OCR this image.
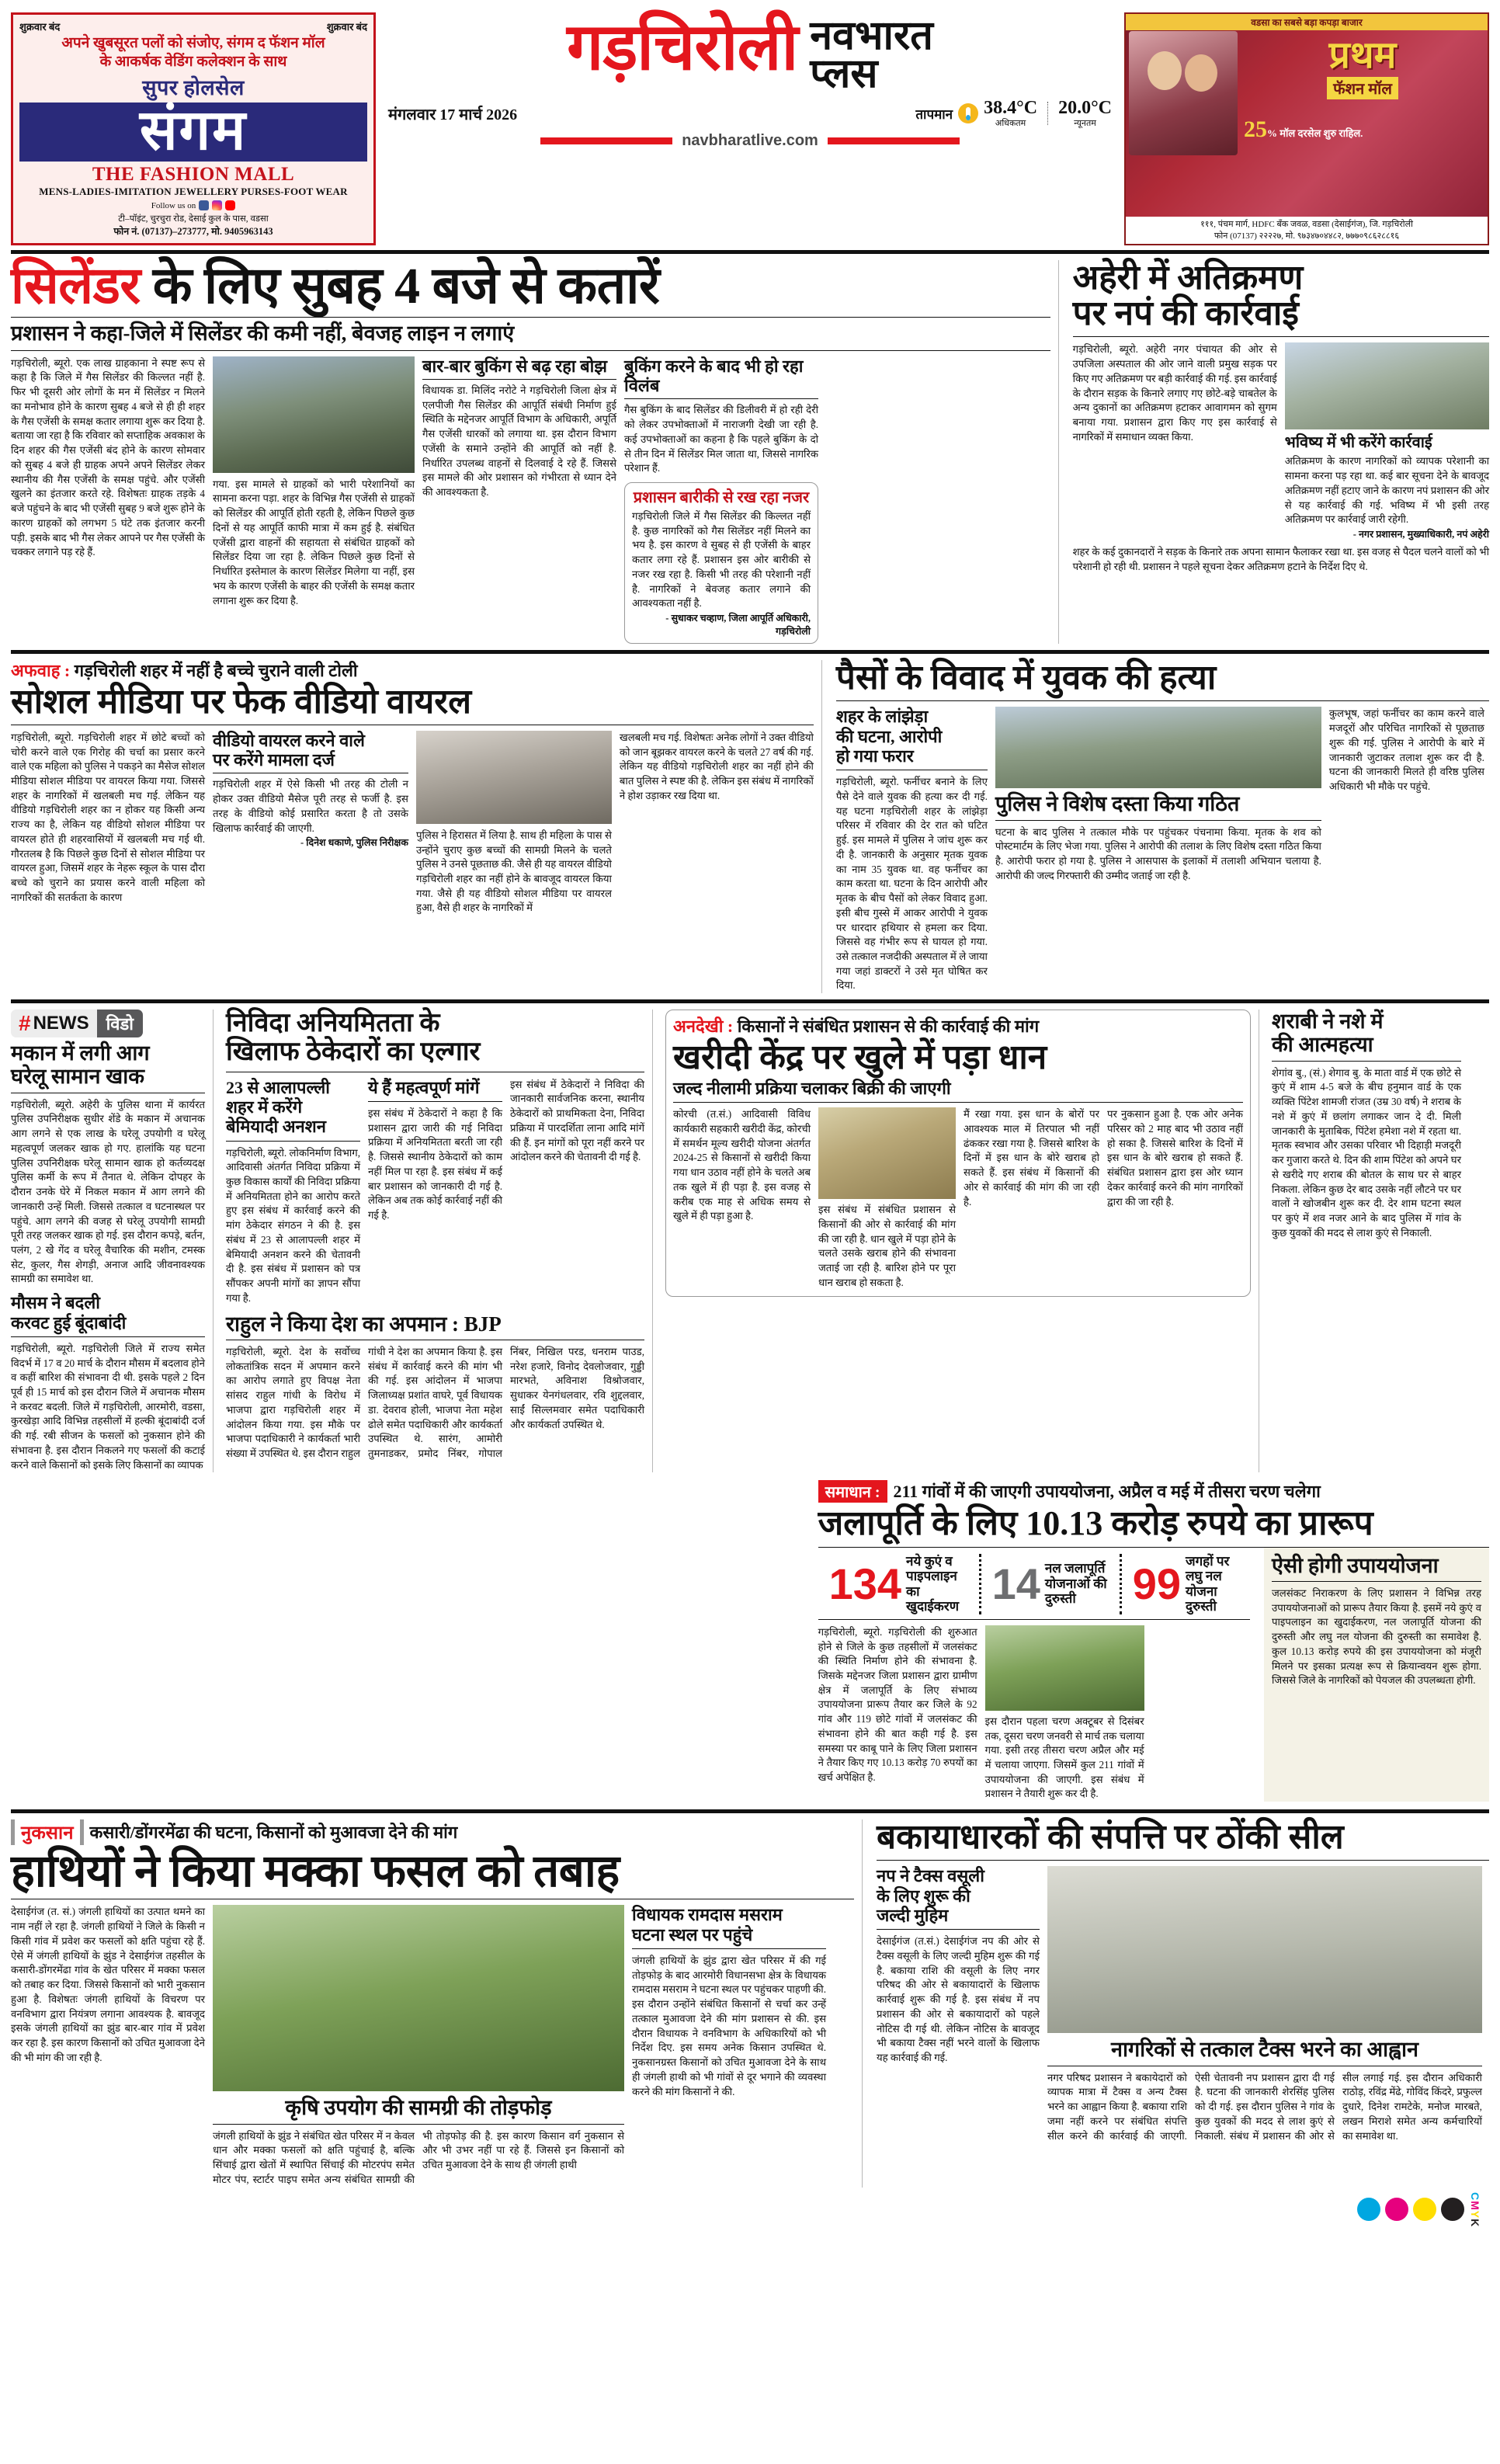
शुक्रवार बंद	शुक्रवार बंद
अपने खुबसूरत पलों को संजोए, संगम द फॅशन मॉल
के आकर्षक वेडिंग कलेक्शन के साथ
सुपर होलसेल
संगम
THE FASHION MALL
MENS-LADIES-IMITATION JEWELLERY PURSES-FOOT WEAR
Follow us on
टी–पॉइंट, चुरचुरा रोड, देसाई कुल के पास, वडसा
फोन नं. (07137)–273777, मो. 9405963143
गड़चिरोली नवभारत
प्लस
मंगलवार 17 मार्च 2026	तापमान 38.4°C
अधिकतम
20.0°C
न्यूनतम
navbharatlive.com
वडसा का सबसे बड़ा कपड़ा बाजार
प्रथम
फॅशन मॉल
25% मॉल दरसेल शुरु राहिल.
१११, पंचम मार्ग, HDFC बँक जवळ, वडसा (देसाईगंज), जि. गड़चिरोली
फोन (07137) २२२२७, मो. ९७३४७०४४८२, ७७७०९८६२८८१६
सिलेंडर के लिए सुबह 4 बजे से कतारें
प्रशासन ने कहा-जिले में सिलेंडर की कमी नहीं, बेवजह लाइन न लगाएं
गड़चिरोली, ब्यूरो. एक लाख ग्राहकाना ने स्पष्ट रूप से कहा है कि जिले में गैस सिलेंडर की किल्लत नहीं है. फिर भी दूसरी ओर लोगों के मन में सिलेंडर न मिलने का मनोभाव होने के कारण सुबह 4 बजे से ही ही शहर के गैस एजेंसी के समक्ष कतार लगाया शुरू कर दिया है. बताया जा रहा है कि रविवार को सप्ताहिक अवकाश के दिन शहर की गैस एजेंसी बंद होने के कारण सोमवार को सुबह 4 बजे ही ग्राहक अपने अपने सिलेंडर लेकर स्थानीय की गैस एजेंसी के समक्ष पहुंचे. और एजेंसी खुलने का इंतजार करते रहे. विशेषतः ग्राहक तड़के 4 बजे पहुंचने के बाद भी एजेंसी सुबह 9 बजे शुरू होने के कारण ग्राहकों को लगभग 5 घंटे तक इंतजार करनी पड़ी. इसके बाद भी गैस लेकर आपने पर गैस एजेंसी के चक्कर लगाने पड़ रहे हैं.
गया. इस मामले से ग्राहकों को भारी परेशानियों का सामना करना पड़ा. शहर के विभिन्न गैस एजेंसी से ग्राहकों को सिलेंडर की आपूर्ति होती रहती है, लेकिन पिछले कुछ दिनों से यह आपूर्ति काफी मात्रा में कम हुई है. संबंधित एजेंसी द्वारा वाहनों की सहायता से संबंधित ग्राहकों को सिलेंडर दिया जा रहा है. लेकिन पिछले कुछ दिनों से निर्धारित इस्तेमाल के कारण सिलेंडर मिलेगा या नहीं, इस भय के कारण एजेंसी के बाहर की एजेंसी के समक्ष कतार लगाना शुरू कर दिया है.
बार-बार बुकिंग से बढ़ रहा बोझ
विधायक डा. मिलिंद नरोटे ने गड़चिरोली जिला क्षेत्र में एलपीजी गैस सिलेंडर की आपूर्ति संबंधी निर्माण हुई स्थिति के मद्देनजर आपूर्ति विभाग के अधिकारी, अपूर्ति गैस एजेंसी धारकों को लगाया था. इस दौरान विभाग एजेंसी के समाने उन्होंने की आपूर्ति को नहीं है. निर्धारित उपलब्ध वाहनों से दिलवाई दे रहे हैं. जिससे इस मामले की ओर प्रशासन को गंभीरता से ध्यान देने की आवश्यकता है.
बुकिंग करने के बाद भी हो रहा विलंब
गैस बुकिंग के बाद सिलेंडर की डिलीवरी में हो रही देरी को लेकर उपभोक्ताओं में नाराजगी देखी जा रही है. कई उपभोक्ताओं का कहना है कि पहले बुकिंग के दो से तीन दिन में सिलेंडर मिल जाता था, जिससे नागरिक परेशान हैं.
प्रशासन बारीकी से रख रहा नजर
गड़चिरोली जिले में गैस सिलेंडर की किल्लत नहीं है. कुछ नागरिकों को गैस सिलेंडर नहीं मिलने का भय है. इस कारण वे सुबह से ही एजेंसी के बाहर कतार लगा रहे हैं. प्रशासन इस ओर बारीकी से नजर रख रहा है. किसी भी तरह की परेशानी नहीं है. नागरिकों ने बेवजह कतार लगाने की आवश्यकता नहीं है.
- सुधाकर चव्हाण, जिला आपूर्ति अधिकारी, गड़चिरोली
अहेरी में अतिक्रमण
पर नपं की कार्रवाई
गड़चिरोली, ब्यूरो. अहेरी नगर पंचायत की ओर से उपजिला अस्पताल की ओर जाने वाली प्रमुख सड़क पर किए गए अतिक्रमण पर बड़ी कार्रवाई की गई. इस कार्रवाई के दौरान सड़क के किनारे लगाए गए छोटे-बड़े चाबतेल के अन्य दुकानों का अतिक्रमण हटाकर आवागमन को सुगम बनाया गया. प्रशासन द्वारा किए गए इस कार्रवाई से नागरिकों में समाधान व्यक्त किया.	भविष्य में भी करेंगे कार्रवाई
अतिक्रमण के कारण नागरिकों को व्यापक परेशानी का सामना करना पड़ रहा था. कई बार सूचना देने के बावजूद अतिक्रमण नहीं हटाए जाने के कारण नपं प्रशासन की ओर से यह कार्रवाई की गई. भविष्य में भी इसी तरह अतिक्रमण पर कार्रवाई जारी रहेगी.
- नगर प्रशासन, मुख्याधिकारी, नपं अहेरी
शहर के कई दुकानदारों ने सड़क के किनारे तक अपना सामान फैलाकर रखा था. इस वजह से पैदल चलने वालों को भी परेशानी हो रही थी. प्रशासन ने पहले सूचना देकर अतिक्रमण हटाने के निर्देश दिए थे.
अफवाह : गड़चिरोली शहर में नहीं है बच्चे चुराने वाली टोली
सोशल मीडिया पर फेक वीडियो वायरल
गड़चिरोली, ब्यूरो. गड़चिरोली शहर में छोटे बच्चों को चोरी करने वाले एक गिरोह की चर्चा का प्रसार करने वाले एक महिला को पुलिस ने पकड़ने का मैसेज सोशल मीडिया सोशल मीडिया पर वायरल किया गया. जिससे शहर के नागरिकों में खलबली मच गई. लेकिन यह वीडियो गड़चिरोली शहर का न होकर यह किसी अन्य राज्य का है, लेकिन यह वीडियो सोशल मीडिया पर वायरल होते ही शहरवासियों में खलबली मच गई थी. गौरतलब है कि पिछले कुछ दिनों से सोशल मीडिया पर वायरल हुआ, जिसमें शहर के नेहरू स्कूल के पास दौरा बच्चे को चुराने का प्रयास करने वाली महिला को नागरिकों की सतर्कता के कारण
वीडियो वायरल करने वाले
पर करेंगे मामला दर्ज
गड़चिरोली शहर में ऐसे किसी भी तरह की टोली न होकर उक्त वीडियो मैसेज पूरी तरह से फर्जी है. इस तरह के वीडियो कोई प्रसारित करता है तो उसके खिलाफ कार्रवाई की जाएगी.
- दिनेश धकाणे, पुलिस निरीक्षक
पुलिस ने हिरासत में लिया है. साथ ही महिला के पास से उन्होंने चुराए कुछ बच्चों की सामग्री मिलने के चलते पुलिस ने उनसे पूछताछ की. जैसे ही यह वायरल वीडियो गड़चिरोली शहर का नहीं होने के बावजूद वायरल किया गया. जैसे ही यह वीडियो सोशल मीडिया पर वायरल हुआ, वैसे ही शहर के नागरिकों में
खलबली मच गई. विशेषतः अनेक लोगों ने उक्त वीडियो को जान बूझकर वायरल करने के चलते 27 वर्ष की गई. लेकिन यह वीडियो गड़चिरोली शहर का नहीं होने की बात पुलिस ने स्पष्ट की है. लेकिन इस संबंध में नागरिकों ने होश उड़ाकर रख दिया था.
पैसों के विवाद में युवक की हत्या
शहर के लांझेड़ा
की घटना, आरोपी
हो गया फरार
गड़चिरोली, ब्यूरो. फर्नीचर बनाने के लिए पैसे देने वाले युवक की हत्या कर दी गई. यह घटना गड़चिरोली शहर के लांझेड़ा परिसर में रविवार की देर रात को घटित हुई. इस मामले में पुलिस ने जांच शुरू कर दी है. जानकारी के अनुसार मृतक युवक का नाम 35 युवक था. वह फर्नीचर का काम करता था. घटना के दिन आरोपी और मृतक के बीच पैसों को लेकर विवाद हुआ. इसी बीच गुस्से में आकर आरोपी ने युवक पर धारदार हथियार से हमला कर दिया. जिससे वह गंभीर रूप से घायल हो गया. उसे तत्काल नजदीकी अस्पताल में ले जाया गया जहां डाक्टरों ने उसे मृत घोषित कर दिया.
पुलिस ने विशेष दस्ता किया गठित
घटना के बाद पुलिस ने तत्काल मौके पर पहुंचकर पंचनामा किया. मृतक के शव को पोस्टमार्टम के लिए भेजा गया. पुलिस ने आरोपी की तलाश के लिए विशेष दस्ता गठित किया है. आरोपी फरार हो गया है. पुलिस ने आसपास के इलाकों में तलाशी अभियान चलाया है. आरोपी की जल्द गिरफ्तारी की उम्मीद जताई जा रही है.
कुलभूष, जहां फर्नीचर का काम करने वाले मजदूरों और परिचित नागरिकों से पूछताछ शुरू की गई. पुलिस ने आरोपी के बारे में जानकारी जुटाकर तलाश शुरू कर दी है. घटना की जानकारी मिलते ही वरिष्ठ पुलिस अधिकारी भी मौके पर पहुंचे.
# NEWS	विडो
मकान में लगी आग
घरेलू सामान खाक
गड़चिरोली, ब्यूरो. अहेरी के पुलिस थाना में कार्यरत पुलिस उपनिरीक्षक सुधीर शेंडे के मकान में अचानक आग लगने से एक लाख के घरेलू उपयोगी व घरेलू महत्वपूर्ण जलकर खाक हो गए. हालांकि यह घटना पुलिस उपनिरीक्षक घरेलू सामान खाक हो कर्तव्यदक्ष पुलिस कर्मी के रूप में तैनात थे. लेकिन दोपहर के दौरान उनके घेरे में निकल मकान में आग लगने की जानकारी उन्हें मिली. जिससे तत्काल व घटनास्थल पर पहुंचे. आग लगने की वजह से घरेलू उपयोगी सामग्री पूरी तरह जलकर खाक हो गई. इस दौरान कपड़े, बर्तन, पलंग, 2 खेे गेंद व घरेलू वैचारिक की मशीन, टमस्क सेट, कुलर, गैस शेगड़ी, अनाज आदि जीवनावश्यक सामग्री का समावेश था.
मौसम ने बदली
करवट हुई बूंदाबांदी
गड़चिरोली, ब्यूरो. गड़चिरोली जिले में राज्य समेत विदर्भ में 17 व 20 मार्च के दौरान मौसम में बदलाव होने व कहीं बारिश की संभावना दी थी. इसके पहले 2 दिन पूर्व ही 15 मार्च को इस दौरान जिले में अचानक मौसम ने करवट बदली. जिले में गड़चिरोली, आरमोरी, वडसा, कुरखेड़ा आदि विभिन्न तहसीलों में हल्की बूंदाबांदी दर्ज की गई. रबी सीजन के फसलों को नुकसान होने की संभावना है. इस दौरान निकलने गए फसलों की कटाई करने वाले किसानों को इसके लिए किसानों का व्यापक
निविदा अनियमितता के
खिलाफ ठेकेदारों का एल्गार
23 से आलापल्ली
शहर में करेंगे
बेमियादी अनशन
गड़चिरोली, ब्यूरो. लोकनिर्माण विभाग, आदिवासी अंतर्गत निविदा प्रक्रिया में कुछ विकास कार्यों की निविदा प्रक्रिया में अनियमितता होने का आरोप करते हुए इस संबंध में कार्रवाई करने की मांग ठेकेदार संगठन ने की है. इस संबंध में 23 से आलापल्ली शहर में बेमियादी अनशन करने की चेतावनी दी है. इस संबंध में प्रशासन को पत्र सौंपकर अपनी मांगों का ज्ञापन सौंपा गया है.
ये हैं महत्वपूर्ण मांगें
इस संबंध में ठेकेदारों ने कहा है कि प्रशासन द्वारा जारी की गई निविदा प्रक्रिया में अनियमितता बरती जा रही है. जिससे स्थानीय ठेकेदारों को काम नहीं मिल पा रहा है. इस संबंध में कई बार प्रशासन को जानकारी दी गई है. लेकिन अब तक कोई कार्रवाई नहीं की गई है.
इस संबंध में ठेकेदारों ने निविदा की जानकारी सार्वजनिक करना, स्थानीय ठेकेदारों को प्राथमिकता देना, निविदा प्रक्रिया में पारदर्शिता लाना आदि मांगें की हैं. इन मांगों को पूरा नहीं करने पर आंदोलन करने की चेतावनी दी गई है.
राहुल ने किया देश का अपमान : BJP
गड़चिरोली, ब्यूरो. देश के सर्वोच्च लोकतांत्रिक सदन में अपमान करने का आरोप लगाते हुए विपक्ष नेता सांसद राहुल गांधी के विरोध में भाजपा द्वारा गड़चिरोली शहर में आंदोलन किया गया. इस मौके पर भाजपा पदाधिकारी ने कार्यकर्ता भारी संख्या में उपस्थित थे. इस दौरान राहुल गांधी ने देश का अपमान किया है. इस संबंध में कार्रवाई करने की मांग भी की गई. इस आंदोलन में भाजपा जिलाध्यक्ष प्रशांत वाघरे, पूर्व विधायक डा. देवराव होली, भाजपा नेता महेश ढोले समेत पदाधिकारी और कार्यकर्ता उपस्थित थे. सारंग, आमोरी तुमनाडकर, प्रमोद निंबर, गोपाल निंबर, निखिल परड, धनराम पाउड, नरेश हजारे, विनोद देवलोजवार, गुड्डी मारभते, अविनाश विश्रोजवार, सुधाकर येनगंधलवार, रवि शुद्दलवार, साईं सिल्लमवार समेत पदाधिकारी और कार्यकर्ता उपस्थित थे.
अनदेखी : किसानों ने संबंधित प्रशासन से की कार्रवाई की मांग
खरीदी केंद्र पर खुले में पड़ा धान
जल्द नीलामी प्रक्रिया चलाकर बिक्री की जाएगी
कोरची (त.सं.) आदिवासी विविध कार्यकारी सहकारी खरीदी केंद्र, कोरची में समर्थन मूल्य खरीदी योजना अंतर्गत 2024-25 से किसानों से खरीदी किया गया धान उठाव नहीं होने के चलते अब तक खुले में ही पड़ा है. इस वजह से करीब एक माह से अधिक समय से खुले में ही पड़ा हुआ है.
इस संबंध में संबंधित प्रशासन से किसानों की ओर से कार्रवाई की मांग की जा रही है. धान खुले में पड़ा होने के चलते उसके खराब होने की संभावना जताई जा रही है. बारिश होने पर पूरा धान खराब हो सकता है.
मैं रखा गया. इस धान के बोरों पर आवश्यक माल में तिरपाल भी नहीं ढंककर रखा गया है. जिससे बारिश के दिनों में इस धान के बोरे खराब हो सकते हैं. इस संबंध में किसानों की ओर से कार्रवाई की मांग की जा रही है.
पर नुकसान हुआ है. एक ओर अनेक परिसर को 2 माह बाद भी उठाव नहीं हो सका है. जिससे बारिश के दिनों में इस धान के बोरे खराब हो सकते हैं. संबंधित प्रशासन द्वारा इस ओर ध्यान देकर कार्रवाई करने की मांग नागरिकों द्वारा की जा रही है.
शराबी ने नशे में
की आत्महत्या
शेगांव बु., (सं.) शेगाव बु. के माता वार्ड में एक छोटे से कुएं में शाम 4-5 बजे के बीच हनुमान वार्ड के एक व्यक्ति पिंटेश शामजी रांजत (उम्र 30 वर्ष) ने शराब के नशे में कुएं में छलांग लगाकर जान दे दी. मिली जानकारी के मुताबिक, पिंटेश हमेशा नशे में रहता था. मृतक स्वभाव और उसका परिवार भी दिहाड़ी मजदूरी कर गुजारा करते थे. दिन की शाम पिंटेश को अपने घर से खरीदे गए शराब की बोतल के साथ घर से बाहर निकला. लेकिन कुछ देर बाद उसके नहीं लौटने पर घर वालों ने खोजबीन शुरू कर दी. देर शाम घटना स्थल पर कुएं में शव नजर आने के बाद पुलिस में गांव के कुछ युवकों की मदद से लाश कुएं से निकाली.
समाधान : 211 गांवों में की जाएगी उपाययोजना, अप्रैल व मई में तीसरा चरण चलेगा
जलापूर्ति के लिए 10.13 करोड़ रुपये का प्रारूप
134 नये कुएं व पाइपलाइन
का खुदाईकरण 14 नल जलापूर्ति
योजनाओं की दुरुस्ती	99 जगहों पर लघु नल
योजना दुरुस्ती
गड़चिरोली, ब्यूरो. गड़चिरोली की शुरुआत होने से जिले के कुछ तहसीलों में जलसंकट की स्थिति निर्माण होने की संभावना है. जिसके मद्देनजर जिला प्रशासन द्वारा ग्रामीण क्षेत्र में जलापूर्ति के लिए संभाव्य उपाययोजना प्रारूप तैयार कर जिले के 92 गांव और 119 छोटे गांवों में जलसंकट की संभावना होने की बात कही गई है. इस समस्या पर काबू पाने के लिए जिला प्रशासन ने तैयार किए गए 10.13 करोड़ 70 रुपयों का खर्च अपेक्षित है.
इस दौरान पहला चरण अक्टूबर से दिसंबर तक, दूसरा चरण जनवरी से मार्च तक चलाया गया. इसी तरह तीसरा चरण अप्रैल और मई में चलाया जाएगा. जिसमें कुल 211 गांवों में उपाययोजना की जाएगी. इस संबंध में प्रशासन ने तैयारी शुरू कर दी है.
ऐसी होगी उपाययोजना
जलसंकट निराकरण के लिए प्रशासन ने विभिन्न तरह उपाययोजनाओं को प्रारूप तैयार किया है. इसमें नये कुएं व पाइपलाइन का खुदाईकरण, नल जलापूर्ति योजना की दुरुस्ती और लघु नल योजना की दुरुस्ती का समावेश है. कुल 10.13 करोड़ रुपये की इस उपाययोजना को मंजूरी मिलने पर इसका प्रत्यक्ष रूप से क्रियान्वयन शुरू होगा. जिससे जिले के नागरिकों को पेयजल की उपलब्धता होगी.
नुकसान कसारी/डोंगरमेंढा की घटना, किसानों को मुआवजा देने की मांग
हाथियों ने किया मक्का फसल को तबाह
देसाईगंज (त. सं.) जंगली हाथियों का उत्पात थमने का नाम नहीं ले रहा है. जंगली हाथियों ने जिले के किसी न किसी गांव में प्रवेश कर फसलों को क्षति पहुंचा रहे हैं. ऐसे में जंगली हाथियों के झुंड ने देसाईगंज तहसील के कसारी-डोंगरमेंढा गांव के खेत परिसर में मक्का फसल को तबाह कर दिया. जिससे किसानों को भारी नुकसान हुआ है. विशेषतः जंगली हाथियों के विचरण पर वनविभाग द्वारा नियंत्रण लगाना आवश्यक है. बावजूद इसके जंगली हाथियों का झुंड बार-बार गांव में प्रवेश कर रहा है. इस कारण किसानों को उचित मुआवजा देने की भी मांग की जा रही है.
कृषि उपयोग की सामग्री की तोड़फोड़
जंगली हाथियों के झुंड ने संबंधित खेत परिसर में न केवल धान और मक्का फसलों को क्षति पहुंचाई है, बल्कि सिंचाई द्वारा खेतों में स्थापित सिंचाई की मोटरपंप समेत मोटर पंप, स्टार्टर पाइप समेत अन्य संबंधित सामग्री की भी तोड़फोड़ की है. इस कारण किसान वर्ग नुकसान से और भी उभर नहीं पा रहे हैं. जिससे इन किसानों को उचित मुआवजा देने के साथ ही जंगली हाथी
विधायक रामदास मसराम
घटना स्थल पर पहुंचे
जंगली हाथियों के झुंड द्वारा खेत परिसर में की गई तोड़फोड़ के बाद आरमोरी विधानसभा क्षेत्र के विधायक रामदास मसराम ने घटना स्थल पर पहुंचकर पाहणी की. इस दौरान उन्होंने संबंधित किसानों से चर्चा कर उन्हें तत्काल मुआवजा देने की मांग प्रशासन से की. इस दौरान विधायक ने वनविभाग के अधिकारियों को भी निर्देश दिए. इस समय अनेक किसान उपस्थित थे. नुकसानग्रस्त किसानों को उचित मुआवजा देने के साथ ही जंगली हाथी को भी गांवों से दूर भगाने की व्यवस्था करने की मांग किसानों ने की.
बकायाधारकों की संपत्ति पर ठोंकी सील
नप ने टैक्स वसूली
के लिए शुरू की
जल्दी मुहिम
देसाईगंज (त.सं.) देसाईगंज नप की ओर से टैक्स वसूली के लिए जल्दी मुहिम शुरू की गई है. बकाया राशि की वसूली के लिए नगर परिषद की ओर से बकायादारों के खिलाफ कार्रवाई शुरू की गई है. इस संबंध में नप प्रशासन की ओर से बकायादारों को पहले नोटिस दी गई थी. लेकिन नोटिस के बावजूद भी बकाया टैक्स नहीं भरने वालों के खिलाफ यह कार्रवाई की गई.	नागरिकों से तत्काल टैक्स भरने का आह्वान
नगर परिषद प्रशासन ने बकायेदारों को व्यापक मात्रा में टैक्स व अन्य टैक्स भरने का आह्वान किया है. बकाया राशि जमा नहीं करने पर संबंधित संपत्ति सील करने की कार्रवाई की जाएगी. ऐसी चेतावनी नप प्रशासन द्वारा दी गई है. घटना की जानकारी शेरसिंह पुलिस को दी गई. इस दौरान पुलिस ने गांव के कुछ युवकों की मदद से लाश कुएं से निकाली. संबंध में प्रशासन की ओर से सील लगाई गई. इस दौरान अधिकारी राठोड़, रविंद्र मेंढे, गोविंद किंदरे, प्रफुल्ल दुधारे, दिनेश रामटेके, मनोज मारबते, लखन मिराशे समेत अन्य कर्मचारियों का समावेश था.
CMYK
